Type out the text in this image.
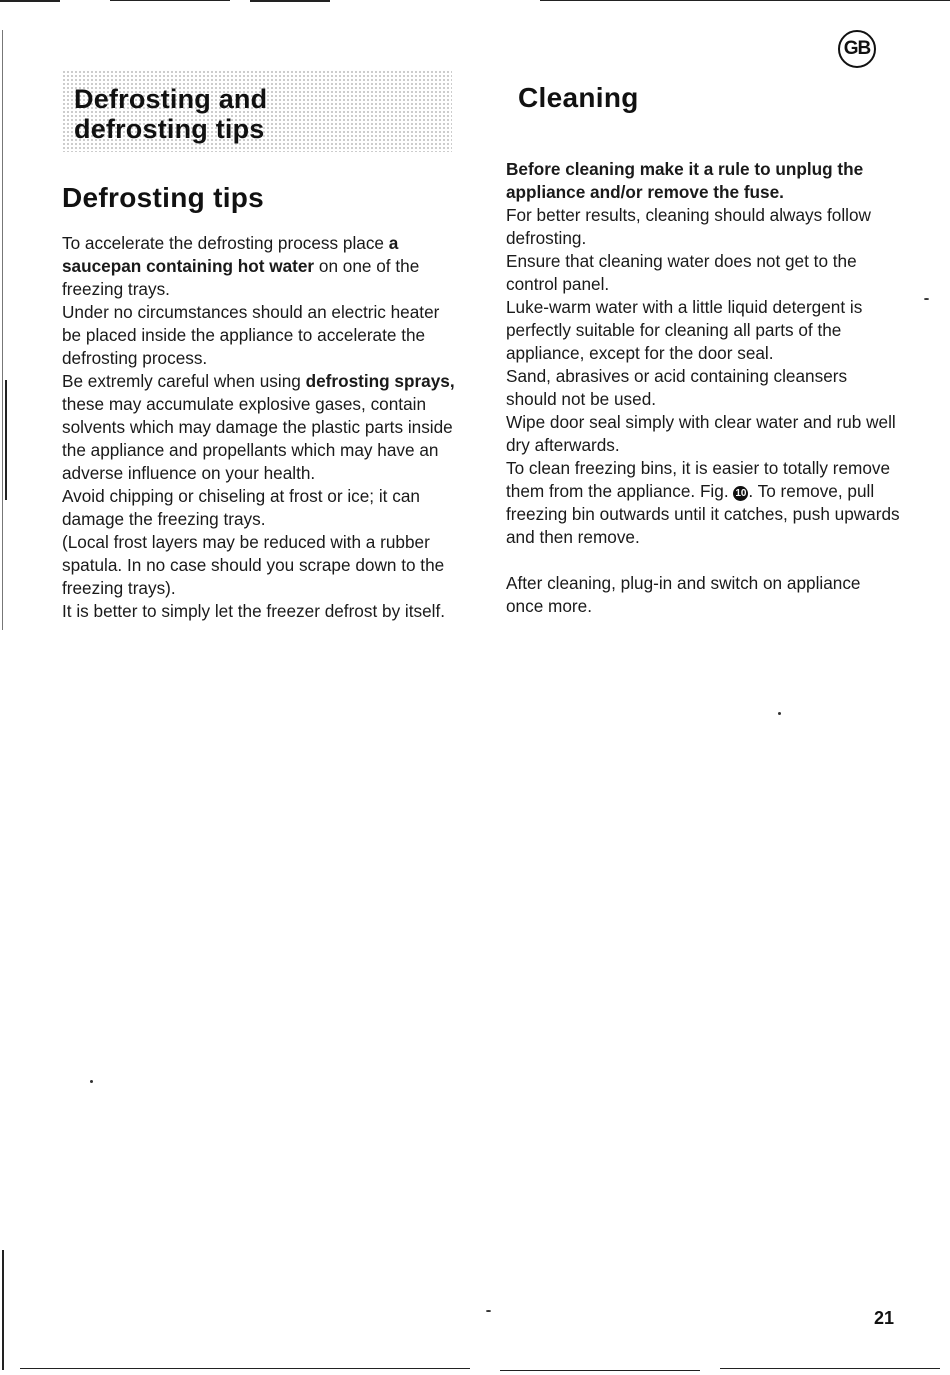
GB
Defrosting and
defrosting tips
Defrosting tips

To accelerate the defrosting process place a saucepan containing hot water on one of the freezing trays.

Under no circumstances should an electric heater be placed inside the appliance to accelerate the defrosting process.

Be extremly careful when using defrosting sprays, these may accumulate explosive gases, contain solvents which may damage the plastic parts inside the appliance and propellants which may have an adverse influence on your health.

Avoid chipping or chiseling at frost or ice; it can damage the freezing trays.

(Local frost layers may be reduced with a rubber spatula. In no case should you scrape down to the freezing trays).

It is better to simply let the freezer defrost by itself.

Cleaning

Before cleaning make it a rule to unplug the appliance and/or remove the fuse.

For better results, cleaning should always follow defrosting.

Ensure that cleaning water does not get to the control panel.

Luke-warm water with a little liquid detergent is perfectly suitable for cleaning all parts of the appliance, except for the door seal.

Sand, abrasives or acid containing cleansers should not be used.

Wipe door seal simply with clear water and rub well dry afterwards.

To clean freezing bins, it is easier to totally remove them from the appliance. Fig. 10 . To remove, pull freezing bin outwards until it catches, push upwards and then remove.

After cleaning, plug-in and switch on appliance once more.

21
